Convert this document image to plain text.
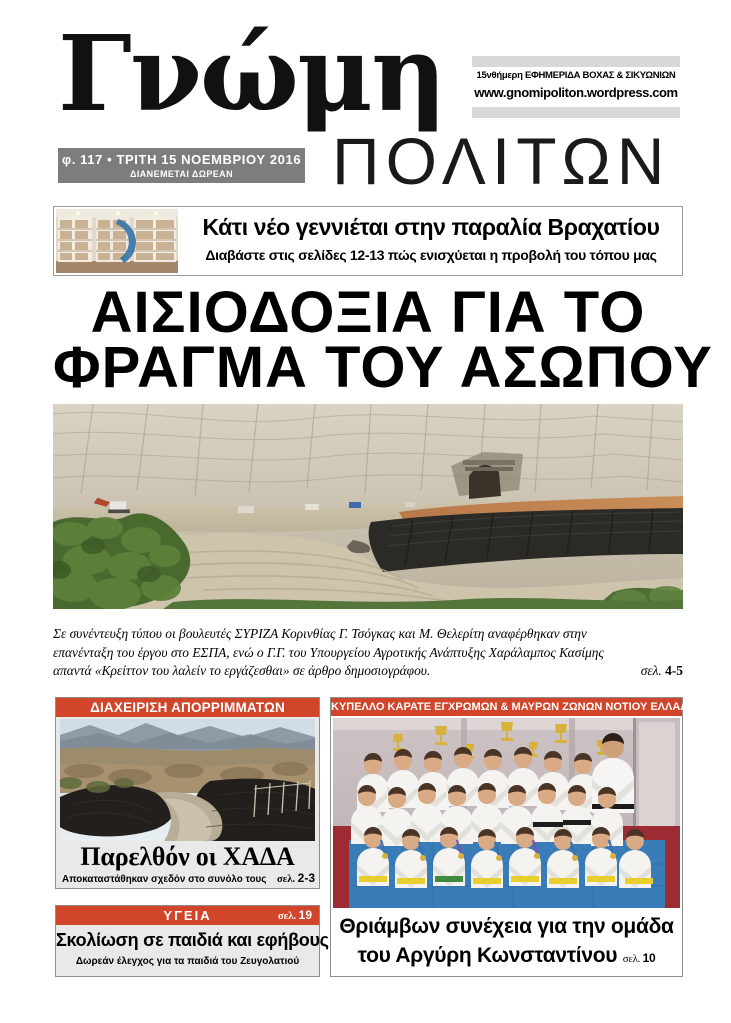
Γνώμη
ΠΟΛΙΤΩΝ
15νθήμερη ΕΦΗΜΕΡΙΔΑ ΒΟΧΑΣ & ΣΙΚΥΩΝΙΩΝ
www.gnomipoliton.wordpress.com
φ. 117 • ΤΡΙΤΗ 15 ΝΟΕΜΒΡΙΟΥ 2016
ΔΙΑΝΕΜΕΤΑΙ ΔΩΡΕΑΝ
Κάτι νέο γεννιέται στην παραλία Βραχατίου
Διαβάστε στις σελίδες 12-13 πώς ενισχύεται η προβολή του τόπου μας
ΑΙΣΙΟΔΟΞΙΑ ΓΙΑ ΤΟ
ΦΡΑΓΜΑ ΤΟΥ ΑΣΩΠΟΥ
Σε συνέντευξη τύπου οι βουλευτές ΣΥΡΙΖΑ Κορινθίας Γ. Τσόγκας και Μ. Θελερίτη αναφέρθηκαν στην
επανένταξη του έργου στο ΕΣΠΑ, ενώ ο Γ.Γ. του Υπουργείου Αγροτικής Ανάπτυξης Χαράλαμπος Κασίμης
απαντά «Κρείττον του λαλείν το εργάζεσθαι» σε άρθρο δημοσιογράφου.	σελ. 4-5
ΔΙΑΧΕΙΡΙΣΗ ΑΠΟΡΡΙΜΜΑΤΩΝ
Παρελθόν οι ΧΑΔΑ
Αποκαταστάθηκαν σχεδόν στο συνόλο τους σελ. 2-3
ΥΓΕΙΑ	σελ. 19
Σκολίωση σε παιδιά και εφήβους
Δωρεάν έλεγχος για τα παιδιά του Ζευγολατιού
ΚΥΠΕΛΛΟ ΚΑΡΑΤΕ ΕΓΧΡΩΜΩΝ & ΜΑΥΡΩΝ ΖΩΝΩΝ ΝΟΤΙΟΥ ΕΛΛΑΔΟΣ
Θριάμβων συνέχεια για την ομάδα
του Αργύρη Κωνσταντίνου σελ. 10
